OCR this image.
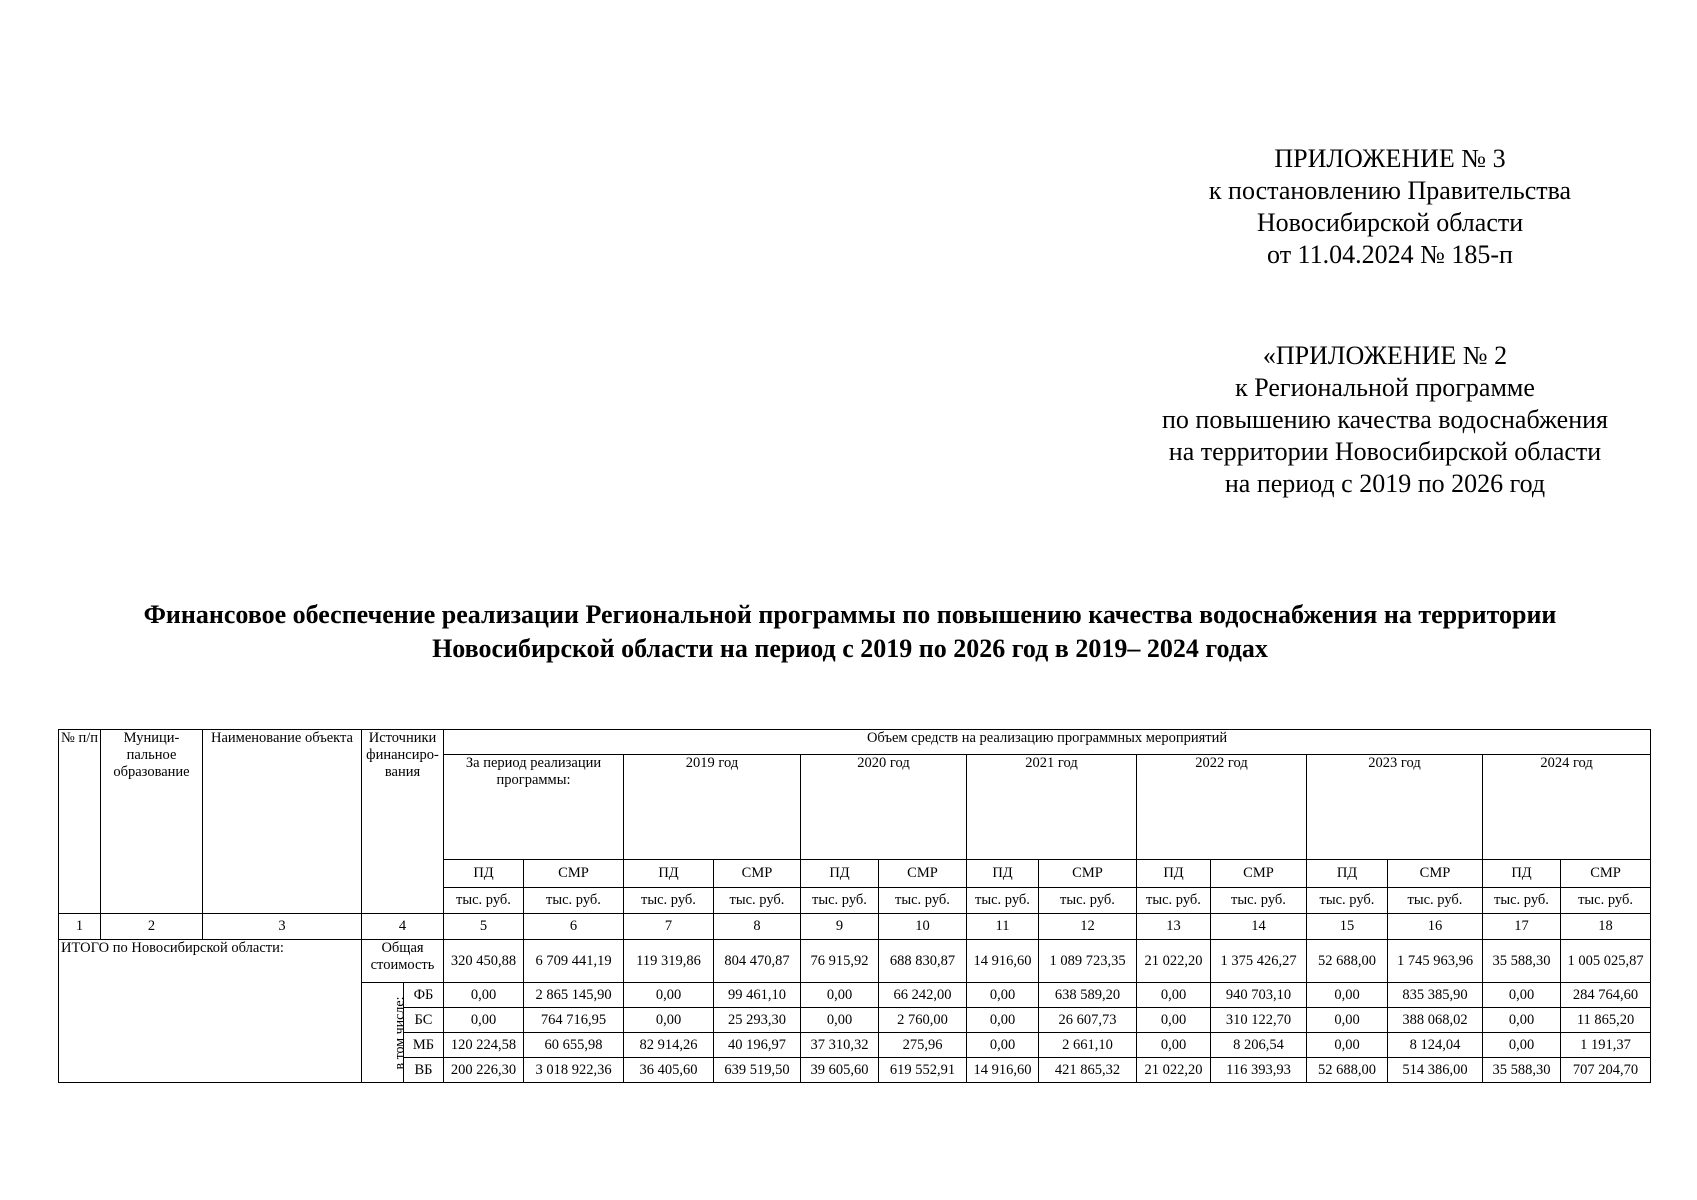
ПРИЛОЖЕНИЕ № 3
к постановлению Правительства
Новосибирской области
от 11.04.2024 № 185-п
«ПРИЛОЖЕНИЕ № 2
к Региональной программе
по повышению качества водоснабжения
на территории Новосибирской области
на период с 2019 по 2026 год
Финансовое обеспечение реализации Региональной программы по повышению качества водоснабжения на территории
Новосибирской области на период с 2019 по 2026 год в 2019– 2024 годах
№ п/п	Муници-пальное образование	Наименование объекта	Источники финансиро-вания		Объем средств на реализацию программных мероприятий													
					За период реализации программы:		2019 год		2020 год		2021 год		2022 год		2023 год		2024 год	
					ПД	СМР	ПД	СМР	ПД	СМР	ПД	СМР	ПД	СМР	ПД	СМР	ПД	СМР
					тыс. руб.	тыс. руб.	тыс. руб.	тыс. руб.	тыс. руб.	тыс. руб.	тыс. руб.	тыс. руб.	тыс. руб.	тыс. руб.	тыс. руб.	тыс. руб.	тыс. руб.	тыс. руб.
1	2	3	4		5	6	7	8	9	10	11	12	13	14	15	16	17	18
ИТОГО по Новосибирской области:			Общая стоимость		320 450,88	6 709 441,19	119 319,86	804 470,87	76 915,92	688 830,87	14 916,60	1 089 723,35	21 022,20	1 375 426,27	52 688,00	1 745 963,96	35 588,30	1 005 025,87
			в том числе:	ФБ	0,00	2 865 145,90	0,00	99 461,10	0,00	66 242,00	0,00	638 589,20	0,00	940 703,10	0,00	835 385,90	0,00	284 764,60
				БС	0,00	764 716,95	0,00	25 293,30	0,00	2 760,00	0,00	26 607,73	0,00	310 122,70	0,00	388 068,02	0,00	11 865,20
				МБ	120 224,58	60 655,98	82 914,26	40 196,97	37 310,32	275,96	0,00	2 661,10	0,00	8 206,54	0,00	8 124,04	0,00	1 191,37
				ВБ	200 226,30	3 018 922,36	36 405,60	639 519,50	39 605,60	619 552,91	14 916,60	421 865,32	21 022,20	116 393,93	52 688,00	514 386,00	35 588,30	707 204,70
